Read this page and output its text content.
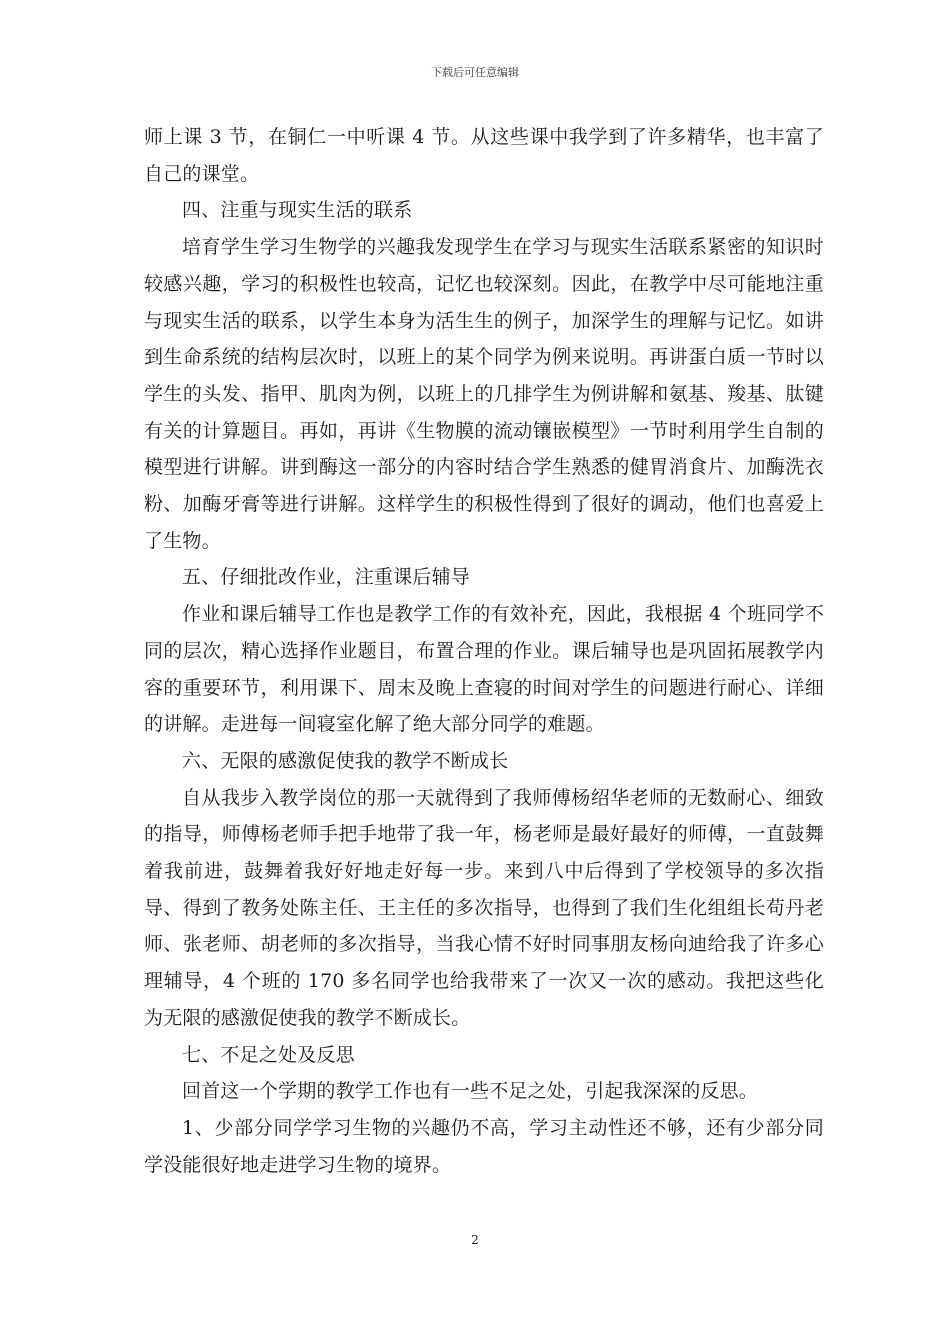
下载后可任意编辑

师上课 3 节，在铜仁一中听课 4 节。从这些课中我学到了许多精华，也丰富了自己的课堂。

四、注重与现实生活的联系

培育学生学习生物学的兴趣我发现学生在学习与现实生活联系紧密的知识时较感兴趣，学习的积极性也较高，记忆也较深刻。因此，在教学中尽可能地注重与现实生活的联系，以学生本身为活生生的例子，加深学生的理解与记忆。如讲到生命系统的结构层次时，以班上的某个同学为例来说明。再讲蛋白质一节时以学生的头发、指甲、肌肉为例，以班上的几排学生为例讲解和氨基、羧基、肽键有关的计算题目。再如，再讲《生物膜的流动镶嵌模型》一节时利用学生自制的模型进行讲解。讲到酶这一部分的内容时结合学生熟悉的健胃消食片、加酶洗衣粉、加酶牙膏等进行讲解。这样学生的积极性得到了很好的调动，他们也喜爱上了生物。

五、仔细批改作业，注重课后辅导

作业和课后辅导工作也是教学工作的有效补充，因此，我根据 4 个班同学不同的层次，精心选择作业题目，布置合理的作业。课后辅导也是巩固拓展教学内容的重要环节，利用课下、周末及晚上查寝的时间对学生的问题进行耐心、详细的讲解。走进每一间寝室化解了绝大部分同学的难题。

六、无限的感激促使我的教学不断成长

自从我步入教学岗位的那一天就得到了我师傅杨绍华老师的无数耐心、细致的指导，师傅杨老师手把手地带了我一年，杨老师是最好最好的师傅，一直鼓舞着我前进，鼓舞着我好好地走好每一步。来到八中后得到了学校领导的多次指导、得到了教务处陈主任、王主任的多次指导，也得到了我们生化组组长苟丹老师、张老师、胡老师的多次指导，当我心情不好时同事朋友杨向迪给我了许多心理辅导，4 个班的 170 多名同学也给我带来了一次又一次的感动。我把这些化为无限的感激促使我的教学不断成长。

七、不足之处及反思

回首这一个学期的教学工作也有一些不足之处，引起我深深的反思。

1、少部分同学学习生物的兴趣仍不高，学习主动性还不够，还有少部分同学没能很好地走进学习生物的境界。

2
